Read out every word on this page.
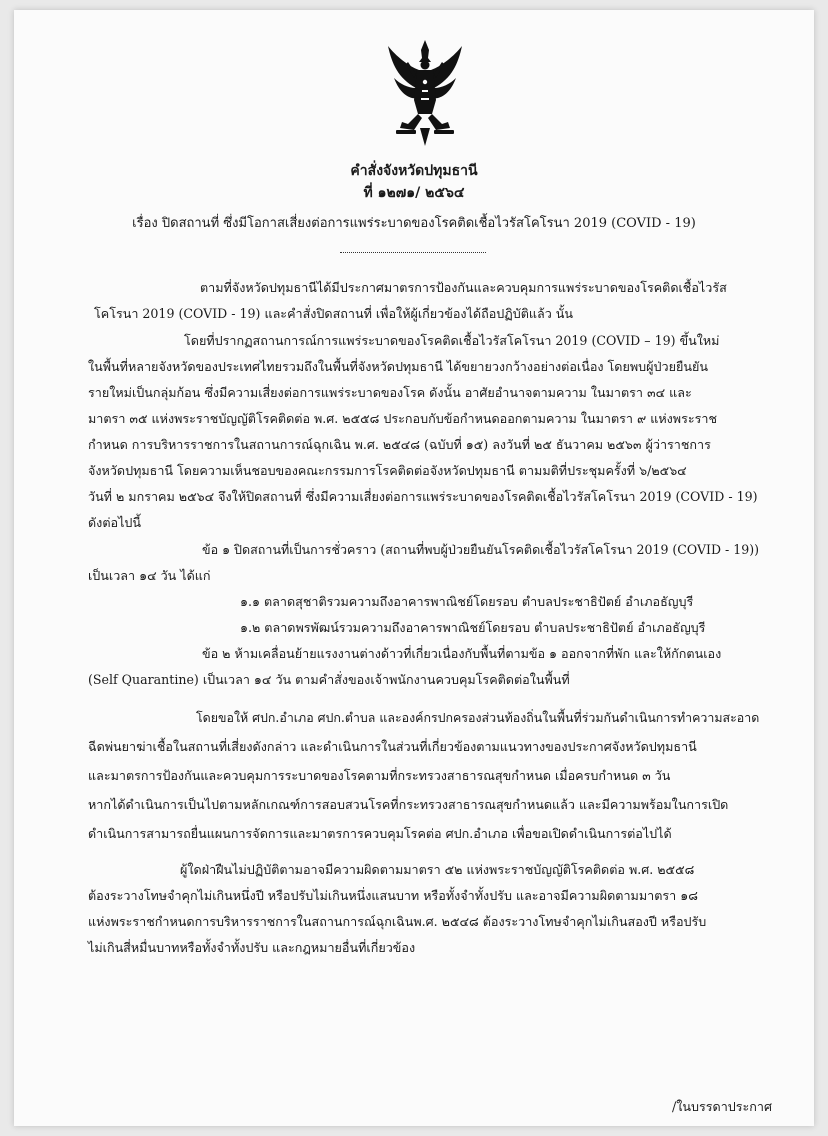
คำสั่งจังหวัดปทุมธานี
ที่ ๑๒๗๑/ ๒๕๖๔
เรื่อง ปิดสถานที่ ซึ่งมีโอกาสเสี่ยงต่อการแพร่ระบาดของโรคติดเชื้อไวรัสโคโรนา 2019 (COVID - 19)
ตามที่จังหวัดปทุมธานีได้มีประกาศมาตรการป้องกันและควบคุมการแพร่ระบาดของโรคติดเชื้อไวรัส
โคโรนา 2019 (COVID - 19) และคำสั่งปิดสถานที่ เพื่อให้ผู้เกี่ยวข้องได้ถือปฏิบัติแล้ว นั้น
โดยที่ปรากฏสถานการณ์การแพร่ระบาดของโรคติดเชื้อไวรัสโคโรนา 2019 (COVID – 19) ขึ้นใหม่
ในพื้นที่หลายจังหวัดของประเทศไทยรวมถึงในพื้นที่จังหวัดปทุมธานี ได้ขยายวงกว้างอย่างต่อเนื่อง โดยพบผู้ป่วยยืนยัน
รายใหม่เป็นกลุ่มก้อน ซึ่งมีความเสี่ยงต่อการแพร่ระบาดของโรค ดังนั้น อาศัยอำนาจตามความ ในมาตรา ๓๔ และ
มาตรา ๓๕ แห่งพระราชบัญญัติโรคติดต่อ พ.ศ. ๒๕๕๘ ประกอบกับข้อกำหนดออกตามความ ในมาตรา ๙ แห่งพระราช
กำหนด การบริหารราชการในสถานการณ์ฉุกเฉิน พ.ศ. ๒๕๔๘ (ฉบับที่ ๑๕) ลงวันที่ ๒๕ ธันวาคม ๒๕๖๓ ผู้ว่าราชการ
จังหวัดปทุมธานี โดยความเห็นชอบของคณะกรรมการโรคติดต่อจังหวัดปทุมธานี ตามมติที่ประชุมครั้งที่ ๖/๒๕๖๔
วันที่ ๒ มกราคม ๒๕๖๔ จึงให้ปิดสถานที่ ซึ่งมีความเสี่ยงต่อการแพร่ระบาดของโรคติดเชื้อไวรัสโคโรนา 2019 (COVID - 19)
ดังต่อไปนี้
ข้อ ๑ ปิดสถานที่เป็นการชั่วคราว (สถานที่พบผู้ป่วยยืนยันโรคติดเชื้อไวรัสโคโรนา 2019 (COVID - 19))
เป็นเวลา ๑๔ วัน ได้แก่
๑.๑ ตลาดสุชาติรวมความถึงอาคารพาณิชย์โดยรอบ ตำบลประชาธิปัตย์ อำเภอธัญบุรี
๑.๒ ตลาดพรพัฒน์รวมความถึงอาคารพาณิชย์โดยรอบ ตำบลประชาธิปัตย์ อำเภอธัญบุรี
ข้อ ๒ ห้ามเคลื่อนย้ายแรงงานต่างด้าวที่เกี่ยวเนื่องกับพื้นที่ตามข้อ ๑ ออกจากที่พัก และให้กักตนเอง
(Self Quarantine) เป็นเวลา ๑๔ วัน ตามคำสั่งของเจ้าพนักงานควบคุมโรคติดต่อในพื้นที่
โดยขอให้ ศปก.อำเภอ ศปก.ตำบล และองค์กรปกครองส่วนท้องถิ่นในพื้นที่ร่วมกันดำเนินการทำความสะอาด
ฉีดพ่นยาฆ่าเชื้อในสถานที่เสี่ยงดังกล่าว และดำเนินการในส่วนที่เกี่ยวข้องตามแนวทางของประกาศจังหวัดปทุมธานี
และมาตรการป้องกันและควบคุมการระบาดของโรคตามที่กระทรวงสาธารณสุขกำหนด เมื่อครบกำหนด ๓ วัน
หากได้ดำเนินการเป็นไปตามหลักเกณฑ์การสอบสวนโรคที่กระทรวงสาธารณสุขกำหนดแล้ว และมีความพร้อมในการเปิด
ดำเนินการสามารถยื่นแผนการจัดการและมาตรการควบคุมโรคต่อ ศปก.อำเภอ เพื่อขอเปิดดำเนินการต่อไปได้
ผู้ใดฝ่าฝืนไม่ปฏิบัติตามอาจมีความผิดตามมาตรา ๕๒ แห่งพระราชบัญญัติโรคติดต่อ พ.ศ. ๒๕๕๘
ต้องระวางโทษจำคุกไม่เกินหนึ่งปี หรือปรับไม่เกินหนึ่งแสนบาท หรือทั้งจำทั้งปรับ และอาจมีความผิดตามมาตรา ๑๘
แห่งพระราชกำหนดการบริหารราชการในสถานการณ์ฉุกเฉินพ.ศ. ๒๕๔๘ ต้องระวางโทษจำคุกไม่เกินสองปี หรือปรับ
ไม่เกินสี่หมื่นบาทหรือทั้งจำทั้งปรับ และกฎหมายอื่นที่เกี่ยวข้อง
/ในบรรดาประกาศ
